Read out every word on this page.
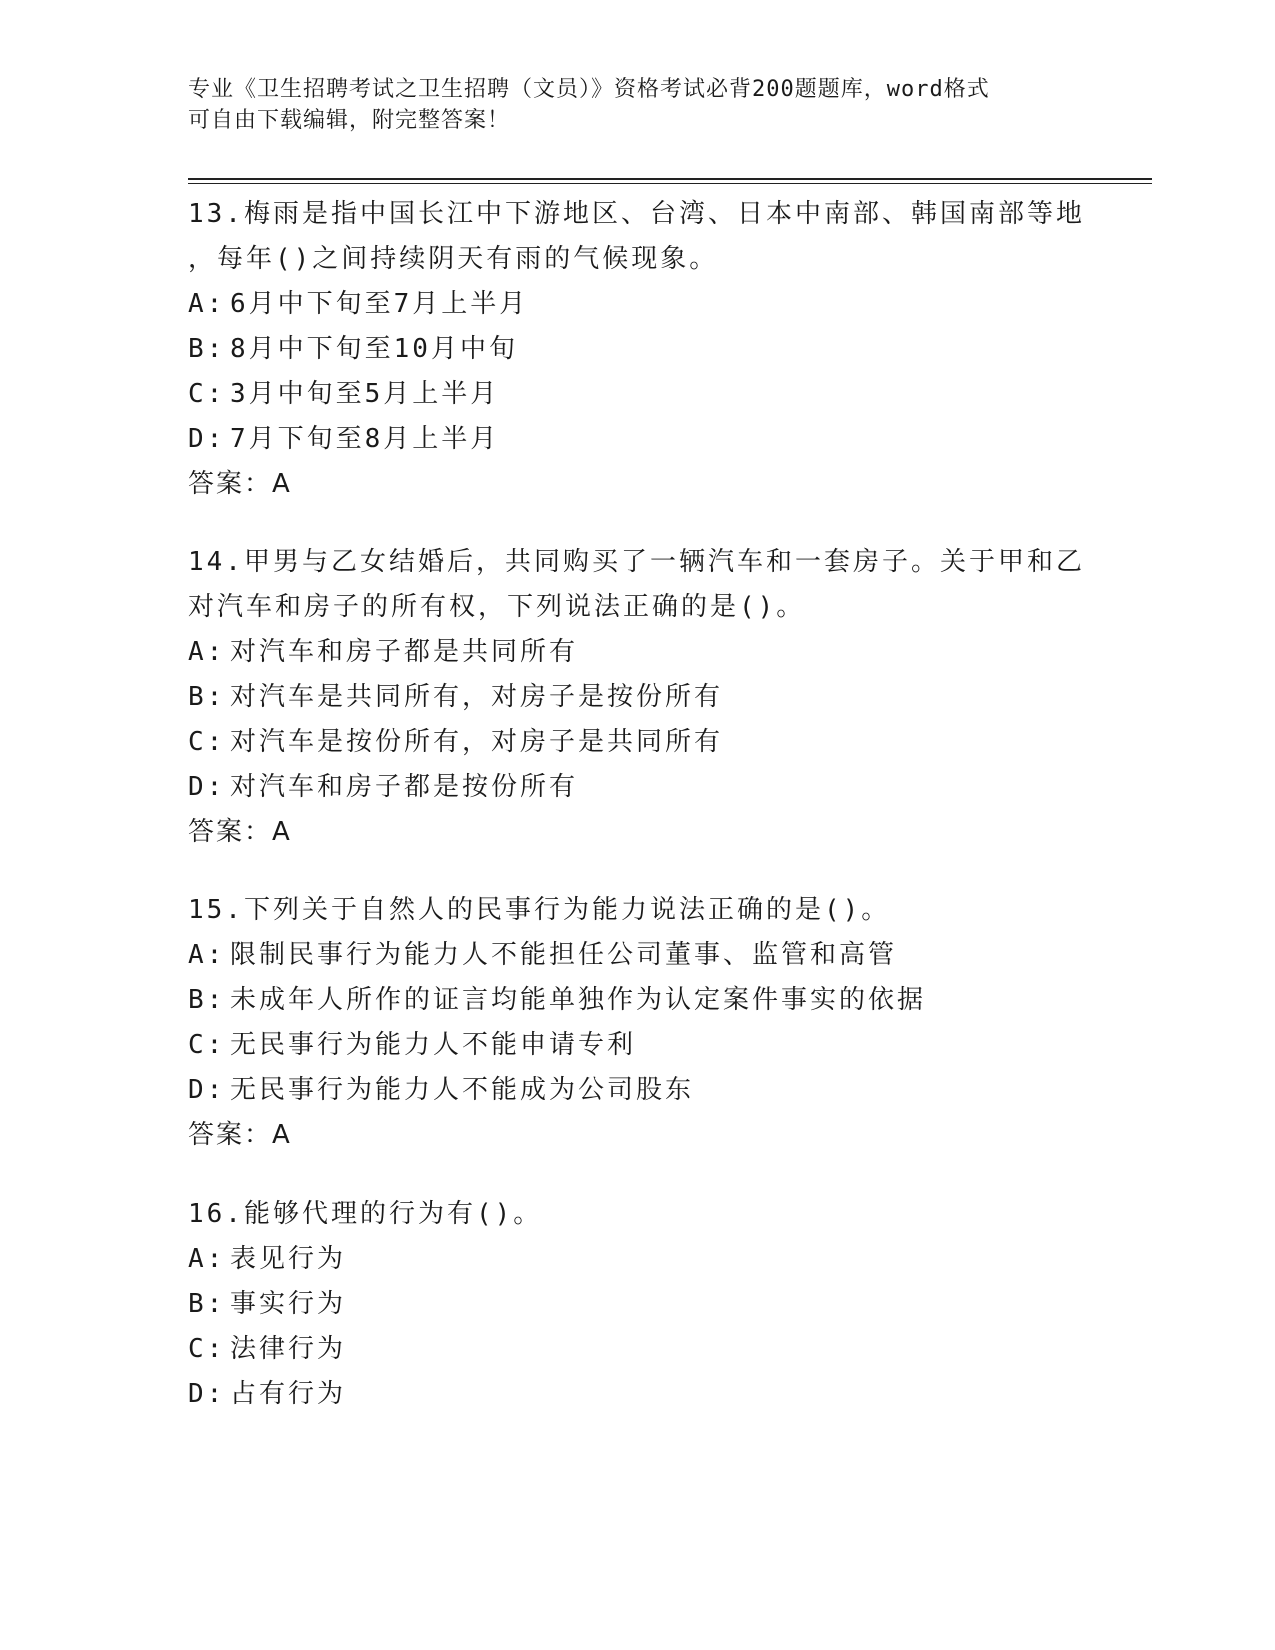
专业《卫生招聘考试之卫生招聘（文员）》资格考试必背200题题库，word格式
可自由下载编辑，附完整答案！
13.梅雨是指中国长江中下游地区、台湾、日本中南部、韩国南部等地
，每年()之间持续阴天有雨的气候现象。
A: 6月中下旬至7月上半月
B: 8月中下旬至10月中旬
C: 3月中旬至5月上半月
D: 7月下旬至8月上半月
答案：A
14.甲男与乙女结婚后，共同购买了一辆汽车和一套房子。关于甲和乙
对汽车和房子的所有权，下列说法正确的是()。
A: 对汽车和房子都是共同所有
B: 对汽车是共同所有，对房子是按份所有
C: 对汽车是按份所有，对房子是共同所有
D: 对汽车和房子都是按份所有
答案：A
15.下列关于自然人的民事行为能力说法正确的是()。
A: 限制民事行为能力人不能担任公司董事、监管和高管
B: 未成年人所作的证言均能单独作为认定案件事实的依据
C: 无民事行为能力人不能申请专利
D: 无民事行为能力人不能成为公司股东
答案：A
16.能够代理的行为有()。
A: 表见行为
B: 事实行为
C: 法律行为
D: 占有行为
